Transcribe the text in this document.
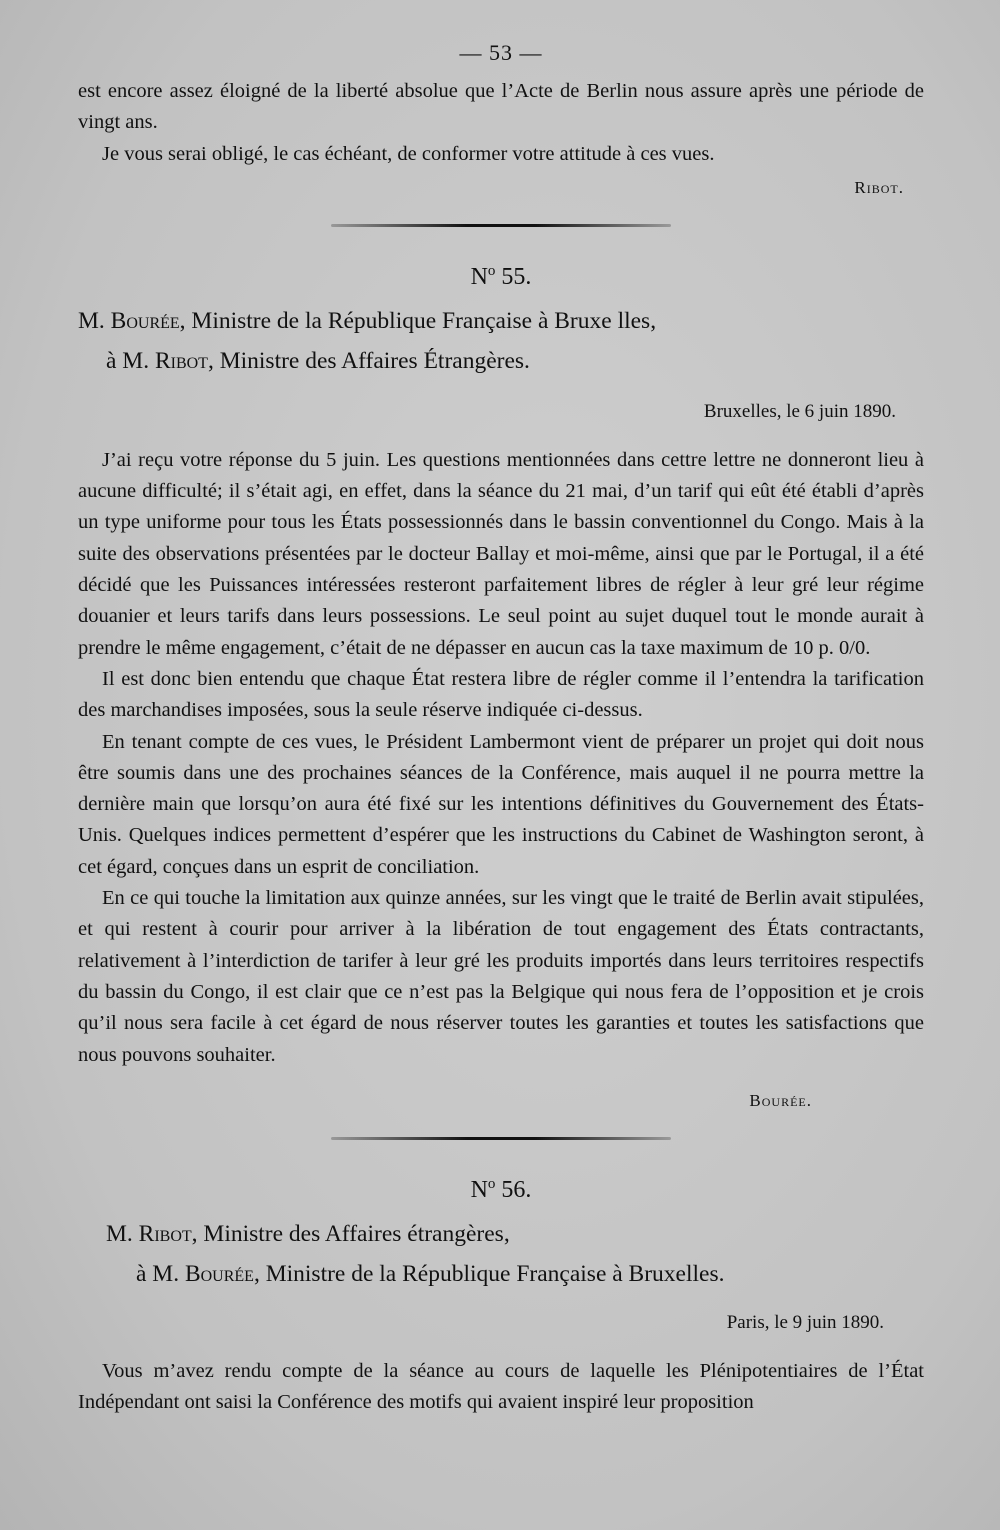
— 53 —

est encore assez éloigné de la liberté absolue que l’Acte de Berlin nous assure après une période de vingt ans.

Je vous serai obligé, le cas échéant, de conformer votre attitude à ces vues.

Ribot.
$N^o$ 55.

M. Bourée, Ministre de la République Française à Bruxe lles,

à M. Ribot, Ministre des Affaires Étrangères.

Bruxelles, le 6 juin 1890.

J’ai reçu votre réponse du 5 juin. Les questions mentionnées dans cettre lettre ne donneront lieu à aucune difficulté; il s’était agi, en effet, dans la séance du 21 mai, d’un tarif qui eût été établi d’après un type uniforme pour tous les États possessionnés dans le bassin conventionnel du Congo. Mais à la suite des observations présentées par le docteur Ballay et moi-même, ainsi que par le Portugal, il a été décidé que les Puissances intéressées resteront parfaitement libres de régler à leur gré leur régime douanier et leurs tarifs dans leurs possessions. Le seul point au sujet duquel tout le monde aurait à prendre le même engagement, c’était de ne dépasser en aucun cas la taxe maximum de 10 p. 0/0.

Il est donc bien entendu que chaque État restera libre de régler comme il l’entendra la tarification des marchandises imposées, sous la seule réserve indiquée ci-dessus.

En tenant compte de ces vues, le Président Lambermont vient de préparer un projet qui doit nous être soumis dans une des prochaines séances de la Conférence, mais auquel il ne pourra mettre la dernière main que lorsqu’on aura été fixé sur les intentions définitives du Gouvernement des États-Unis. Quelques indices permettent d’espérer que les instructions du Cabinet de Washington seront, à cet égard, conçues dans un esprit de conciliation.

En ce qui touche la limitation aux quinze années, sur les vingt que le traité de Berlin avait stipulées, et qui restent à courir pour arriver à la libération de tout engagement des États contractants, relativement à l’interdiction de tarifer à leur gré les produits importés dans leurs territoires respectifs du bassin du Congo, il est clair que ce n’est pas la Belgique qui nous fera de l’opposition et je crois qu’il nous sera facile à cet égard de nous réserver toutes les garanties et toutes les satisfactions que nous pouvons souhaiter.

Bourée.
$N^o$ 56.

M. Ribot, Ministre des Affaires étrangères,

à M. Bourée, Ministre de la République Française à Bruxelles.

Paris, le 9 juin 1890.

Vous m’avez rendu compte de la séance au cours de laquelle les Plénipotentiaires de l’État Indépendant ont saisi la Conférence des motifs qui avaient inspiré leur proposition
